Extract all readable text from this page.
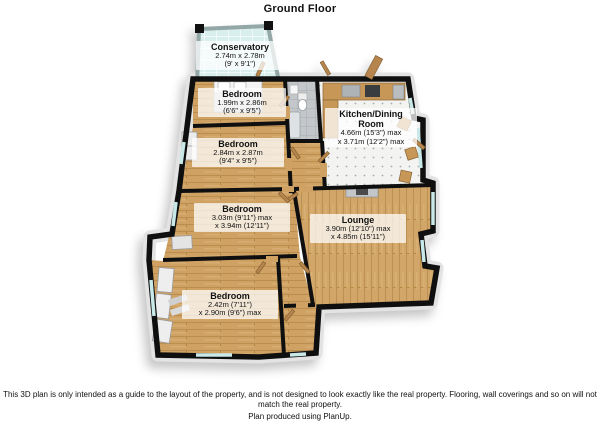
Ground Floor
Conservatory
2.74m x 2.78m
(9' x 9'1")
Bedroom
1.99m x 2.86m
(6'6" x 9'5")
Bedroom
2.84m x 2.87m
(9'4" x 9'5")
Kitchen/Dining Room
4.66m (15'3") max
x 3.71m (12'2") max
Bedroom
3.03m (9'11") max
x 3.94m (12'11")
Lounge
3.90m (12'10") max
x 4.85m (15'11")
Bedroom
2.42m (7'11")
x 2.90m (9'6") max
This 3D plan is only intended as a guide to the layout of the property, and is not designed to look exactly like the real property. Flooring, wall coverings and so on will not match the real property.
Plan produced using PlanUp.
